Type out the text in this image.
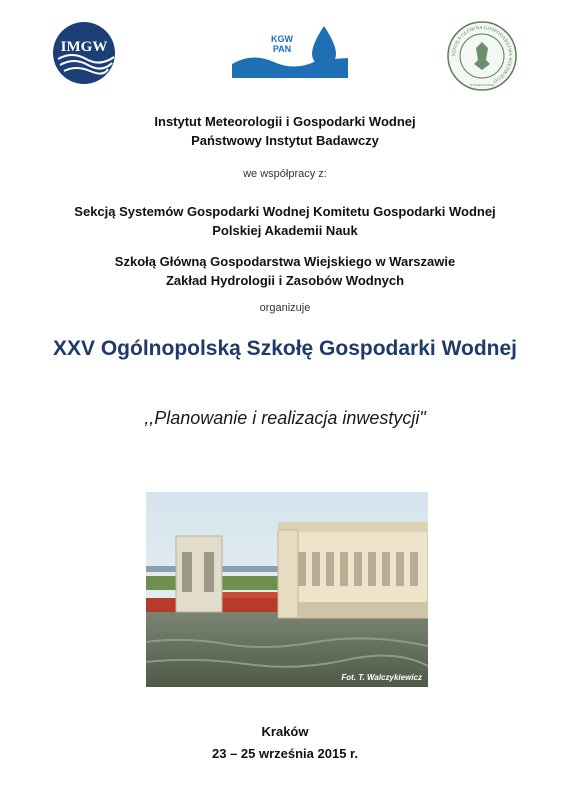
IMGW	KGW
PAN
SZKOŁA GŁÓWNA GOSPODARSTWA WIEJSKIEGO
W WARSZAWIE
Instytut Meteorologii i Gospodarki Wodnej
Państwowy Instytut Badawczy
we współpracy z:
Sekcją Systemów Gospodarki Wodnej Komitetu Gospodarki Wodnej
Polskiej Akademii Nauk
Szkołą Główną Gospodarstwa Wiejskiego w Warszawie
Zakład Hydrologii i Zasobów Wodnych
organizuje
XXV Ogólnopolską Szkołę Gospodarki Wodnej
,,Planowanie i realizacja inwestycji"
Fot. T. Walczykiewicz
Kraków
23 – 25 września 2015 r.
